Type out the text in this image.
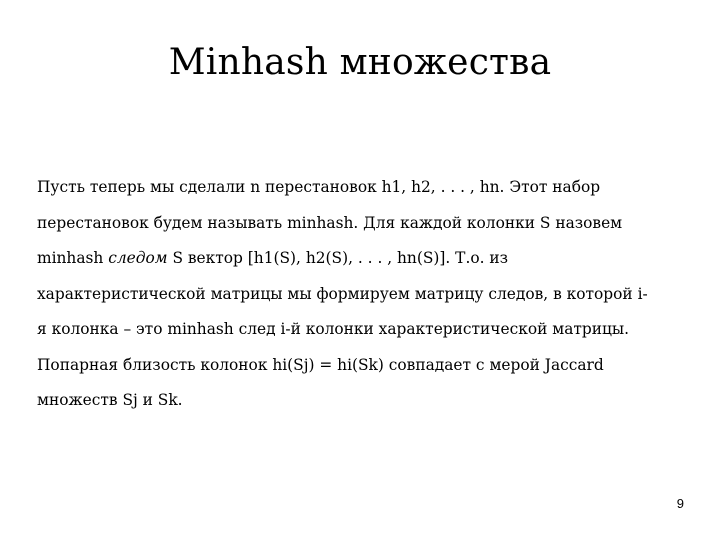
Minhash множества
Пусть теперь мы сделали n перестановок h1, h2, . . . , hn. Этот набор
перестановок будем называть minhash. Для каждой колонки S назовем
minhash следом S вектор [h1(S), h2(S), . . . , hn(S)]. Т.о. из
характеристической матрицы мы формируем матрицу следов, в которой i-
я колонка – это minhash след i-й колонки характеристической матрицы.
Попарная близость колонок hi(Sj) = hi(Sk) совпадает с мерой Jaccard
множеств Sj и Sk.
9
